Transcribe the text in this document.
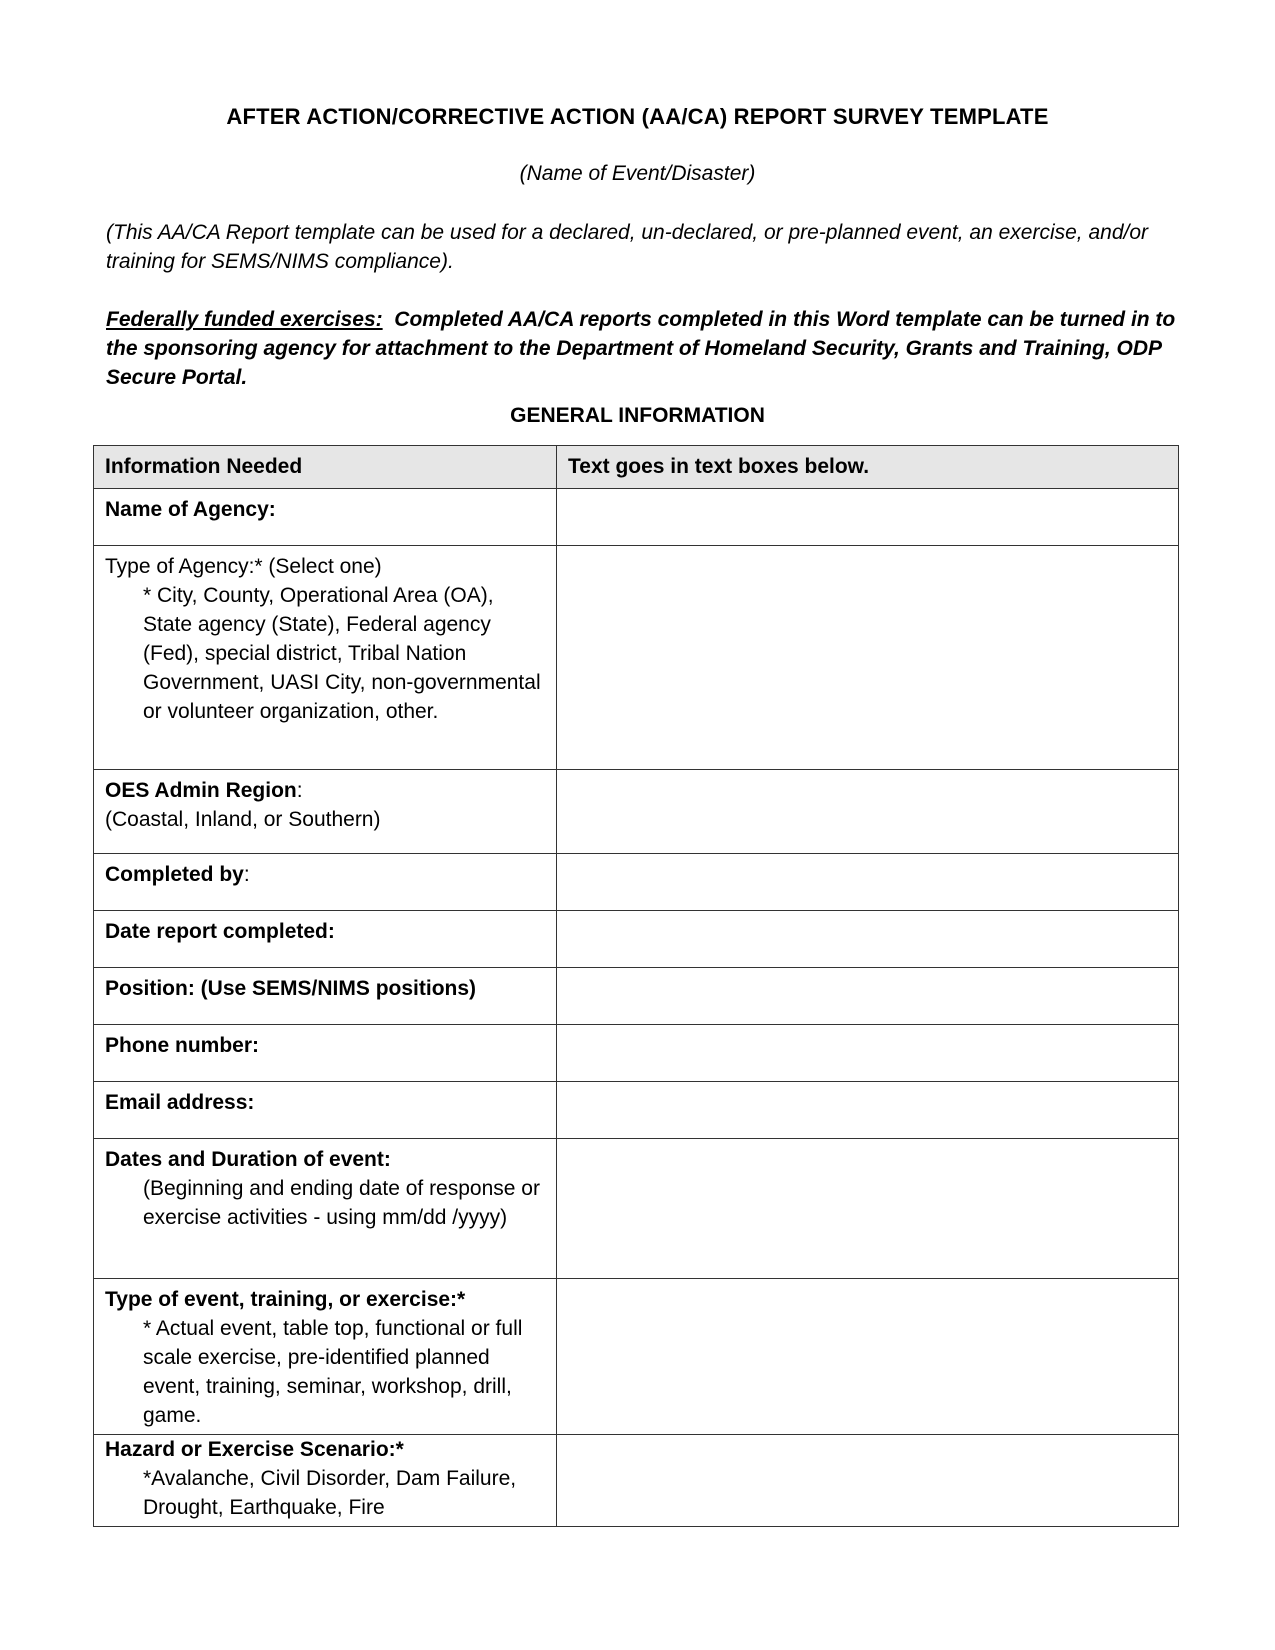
AFTER ACTION/CORRECTIVE ACTION (AA/CA) REPORT SURVEY TEMPLATE
(Name of Event/Disaster)
(This AA/CA Report template can be used for a declared, un-declared, or pre-planned event, an exercise, and/or training for SEMS/NIMS compliance).
Federally funded exercises: Completed AA/CA reports completed in this Word template can be turned in to the sponsoring agency for attachment to the Department of Homeland Security, Grants and Training, ODP Secure Portal.
GENERAL INFORMATION
Information Needed	Text goes in text boxes below.
Name of Agency:	
Type of Agency:* (Select one)
* City, County, Operational Area (OA), State agency (State), Federal agency (Fed), special district, Tribal Nation Government, UASI City, non-governmental or volunteer organization, other.	

OES Admin Region:
(Coastal, Inland, or Southern)	
Completed by:	
Date report completed:	
Position: (Use SEMS/NIMS positions)	
Phone number:	
Email address:	
Dates and Duration of event:
(Beginning and ending date of response or exercise activities - using mm/dd /yyyy)	

Type of event, training, or exercise:*
* Actual event, table top, functional or full scale exercise, pre-identified planned event, training, seminar, workshop, drill, game.	

Hazard or Exercise Scenario:*
*Avalanche, Civil Disorder, Dam Failure, Drought, Earthquake, Fire	
